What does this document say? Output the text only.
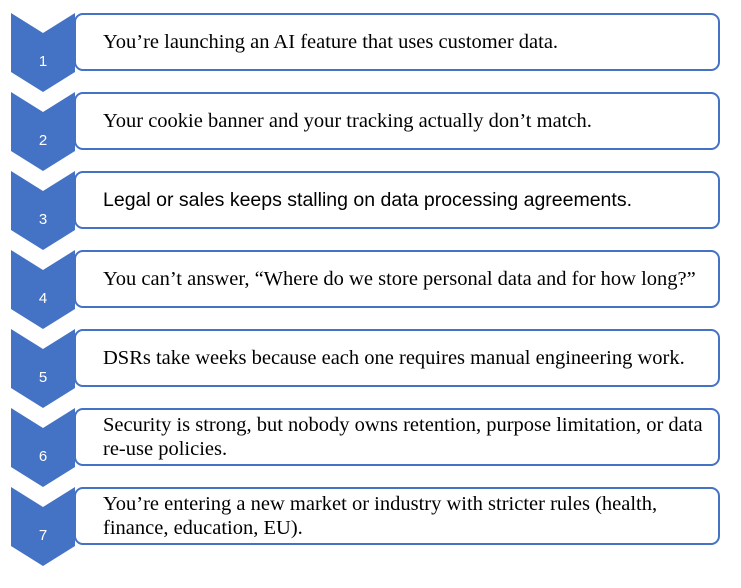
1
You’re launching an AI feature that uses customer data.
2
Your cookie banner and your tracking actually don’t match.
3
Legal or sales keeps stalling on data processing agreements.
4
You can’t answer, “Where do we store personal data and for how long?”
5
DSRs take weeks because each one requires manual engineering work.
6
Security is strong, but nobody owns retention, purpose limitation, or data re-use policies.
7
You’re entering a new market or industry with stricter rules (health, finance, education, EU).
